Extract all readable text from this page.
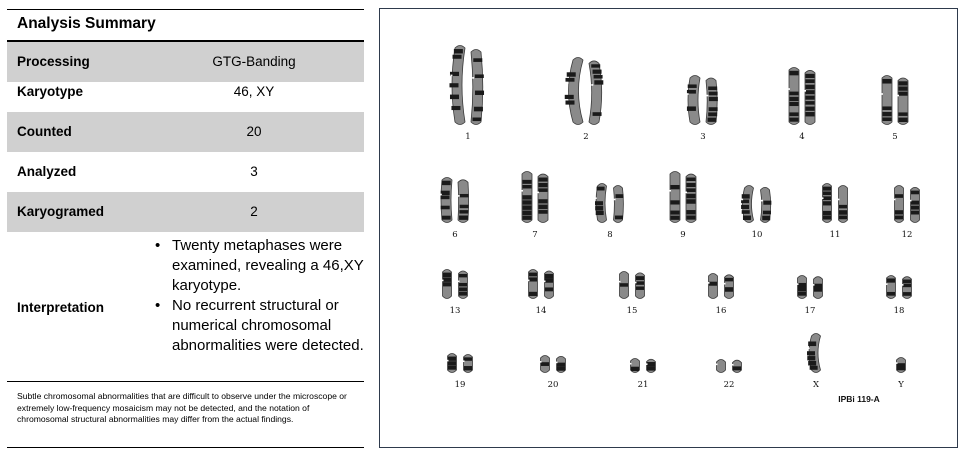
Analysis Summary
Processing	GTG-Banding
Karyotype	46, XY
Counted	20
Analyzed	3
Karyogramed	2
Interpretation
• Twenty metaphases were examined, revealing a 46,XY karyotype.
• No recurrent structural or numerical chromosomal abnormalities were detected.
Subtle chromosomal abnormalities that are difficult to observe under the microscope or extremely low-frequency mosaicism may not be detected, and the notation of chromosomal structural abnormalities may differ from the actual findings.
1	2	3	4	5
6	7	8	9	10	11	12
13	14	15	16	17	18
19	20	21	22	X	Y
IPBi 119-A
